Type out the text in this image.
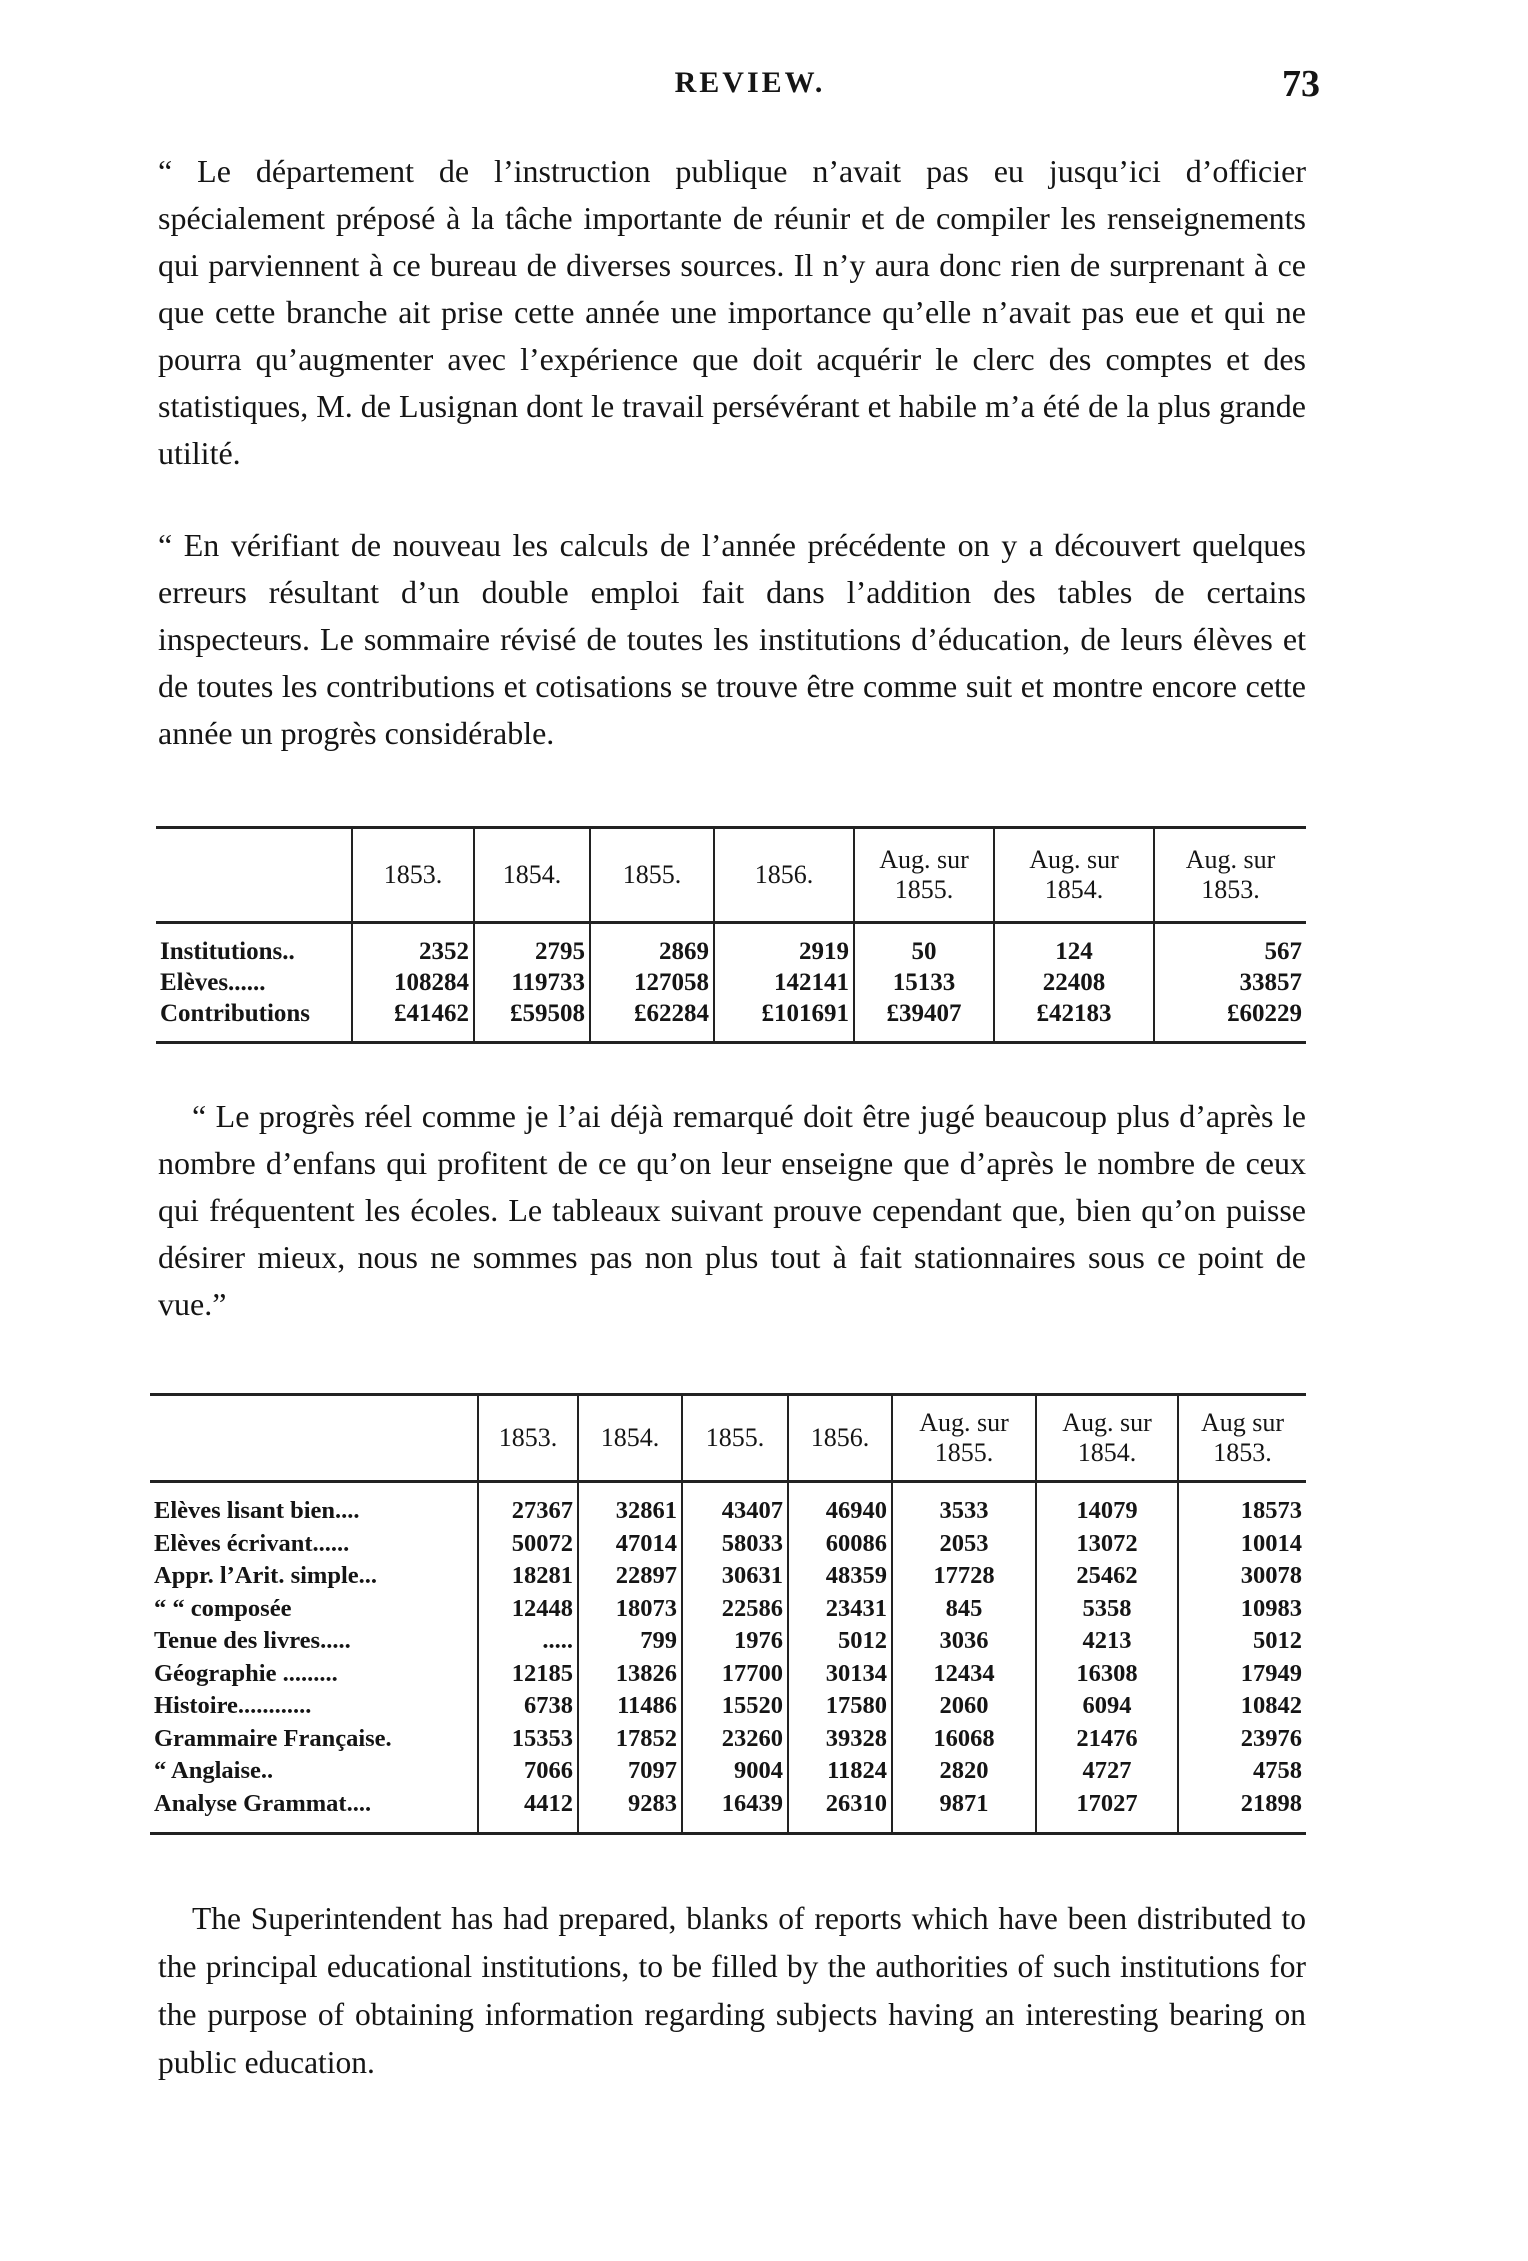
REVIEW.	73

“ Le département de l’instruction publique n’avait pas eu jusqu’ici d’officier spécialement préposé à la tâche importante de réunir et de compiler les renseignements qui parviennent à ce bureau de diverses sources. Il n’y aura donc rien de surprenant à ce que cette branche ait prise cette année une importance qu’elle n’avait pas eue et qui ne pourra qu’augmenter avec l’expérience que doit acquérir le clerc des comptes et des statistiques, M. de Lusignan dont le travail persévérant et habile m’a été de la plus grande utilité.

“ En vérifiant de nouveau les calculs de l’année précédente on y a découvert quelques erreurs résultant d’un double emploi fait dans l’addition des tables de certains inspecteurs. Le sommaire révisé de toutes les institutions d’éducation, de leurs élèves et de toutes les contributions et cotisations se trouve être comme suit et montre encore cette année un progrès considérable.

	1853.	1854.	1855.	1856.	Aug. sur 1855.	Aug. sur 1854.	Aug. sur 1853.
Institutions..	2352	2795	2869	2919	50	124	567
Elèves......	108284	119733	127058	142141	15133	22408	33857
Contributions	£41462	£59508	£62284	£101691	£39407	£42183	£60229

“ Le progrès réel comme je l’ai déjà remarqué doit être jugé beaucoup plus d’après le nombre d’enfans qui profitent de ce qu’on leur enseigne que d’après le nombre de ceux qui fréquentent les écoles. Le tableaux suivant prouve cependant que, bien qu’on puisse désirer mieux, nous ne sommes pas non plus tout à fait stationnaires sous ce point de vue.”

	1853.	1854.	1855.	1856.	Aug. sur 1855.	Aug. sur 1854.	Aug sur 1853.
Elèves lisant bien....	27367	32861	43407	46940	3533	14079	18573
Elèves écrivant......	50072	47014	58033	60086	2053	13072	10014
Appr. l’Arit. simple...	18281	22897	30631	48359	17728	25462	30078
“ “ composée	12448	18073	22586	23431	845	5358	10983
Tenue des livres.....	.....	799	1976	5012	3036	4213	5012
Géographie .........	12185	13826	17700	30134	12434	16308	17949
Histoire............	6738	11486	15520	17580	2060	6094	10842
Grammaire Française.	15353	17852	23260	39328	16068	21476	23976
“ Anglaise..	7066	7097	9004	11824	2820	4727	4758
Analyse Grammat....	4412	9283	16439	26310	9871	17027	21898

The Superintendent has had prepared, blanks of reports which have been distributed to the principal educational institutions, to be filled by the authorities of such institutions for the purpose of obtaining information regarding subjects having an interesting bearing on public education.
